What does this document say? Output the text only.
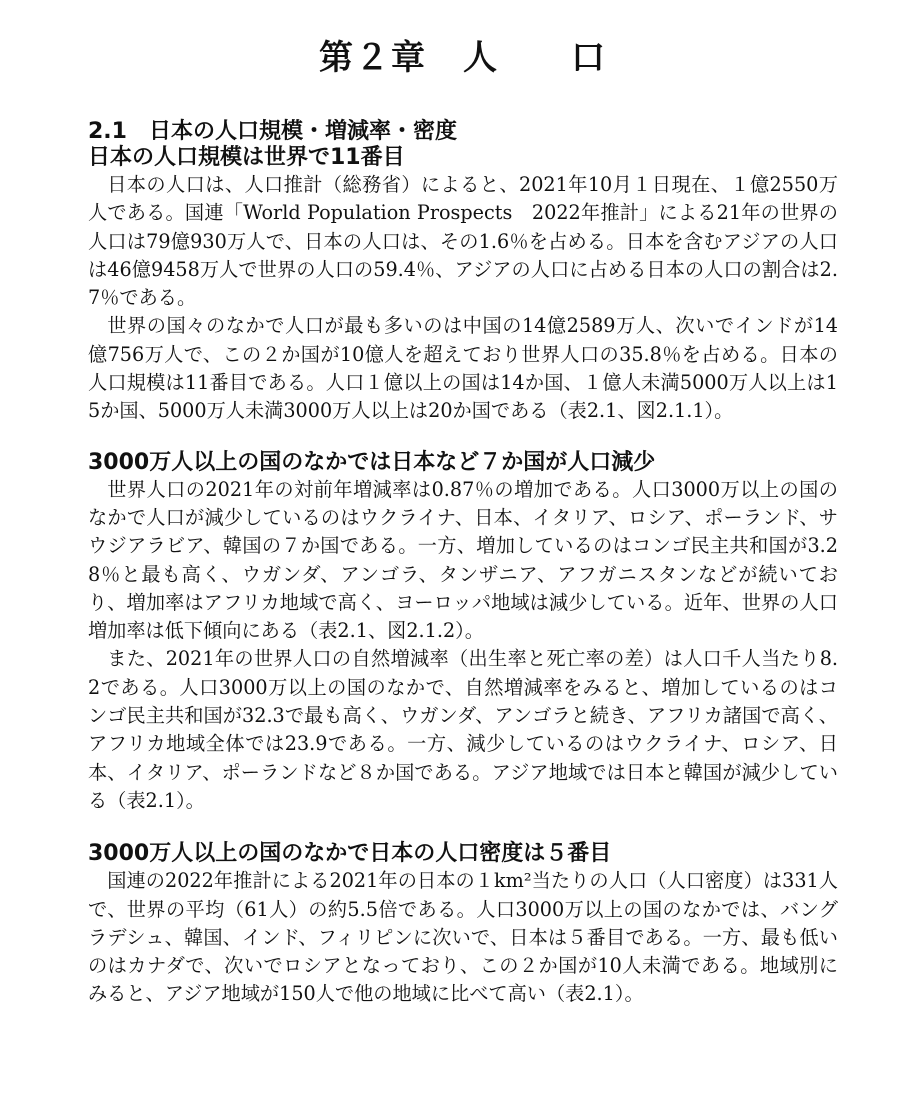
第２章　人　　口
2.1　日本の人口規模・増減率・密度
日本の人口規模は世界で11番目

日本の人口は、人口推計（総務省）によると、2021年10月１日現在、１億2550万人である。国連「World Population Prospects　2022年推計」による21年の世界の人口は79億930万人で、日本の人口は、その1.6％を占める。日本を含むアジアの人口は46億9458万人で世界の人口の59.4％、アジアの人口に占める日本の人口の割合は2.7％である。

世界の国々のなかで人口が最も多いのは中国の14億2589万人、次いでインドが14億756万人で、この２か国が10億人を超えており世界人口の35.8％を占める。日本の人口規模は11番目である。人口１億以上の国は14か国、１億人未満5000万人以上は15か国、5000万人未満3000万人以上は20か国である（表2.1、図2.1.1）。

3000万人以上の国のなかでは日本など７か国が人口減少

世界人口の2021年の対前年増減率は0.87％の増加である。人口3000万以上の国のなかで人口が減少しているのはウクライナ、日本、イタリア、ロシア、ポーランド、サウジアラビア、韓国の７か国である。一方、増加しているのはコンゴ民主共和国が3.28％と最も高く、ウガンダ、アンゴラ、タンザニア、アフガニスタンなどが続いており、増加率はアフリカ地域で高く、ヨーロッパ地域は減少している。近年、世界の人口増加率は低下傾向にある（表2.1、図2.1.2）。

また、2021年の世界人口の自然増減率（出生率と死亡率の差）は人口千人当たり8.2である。人口3000万以上の国のなかで、自然増減率をみると、増加しているのはコンゴ民主共和国が32.3で最も高く、ウガンダ、アンゴラと続き、アフリカ諸国で高く、アフリカ地域全体では23.9である。一方、減少しているのはウクライナ、ロシア、日本、イタリア、ポーランドなど８か国である。アジア地域では日本と韓国が減少している（表2.1）。

3000万人以上の国のなかで日本の人口密度は５番目

国連の2022年推計による2021年の日本の１km²当たりの人口（人口密度）は331人で、世界の平均（61人）の約5.5倍である。人口3000万以上の国のなかでは、バングラデシュ、韓国、インド、フィリピンに次いで、日本は５番目である。一方、最も低いのはカナダで、次いでロシアとなっており、この２か国が10人未満である。地域別にみると、アジア地域が150人で他の地域に比べて高い（表2.1）。
